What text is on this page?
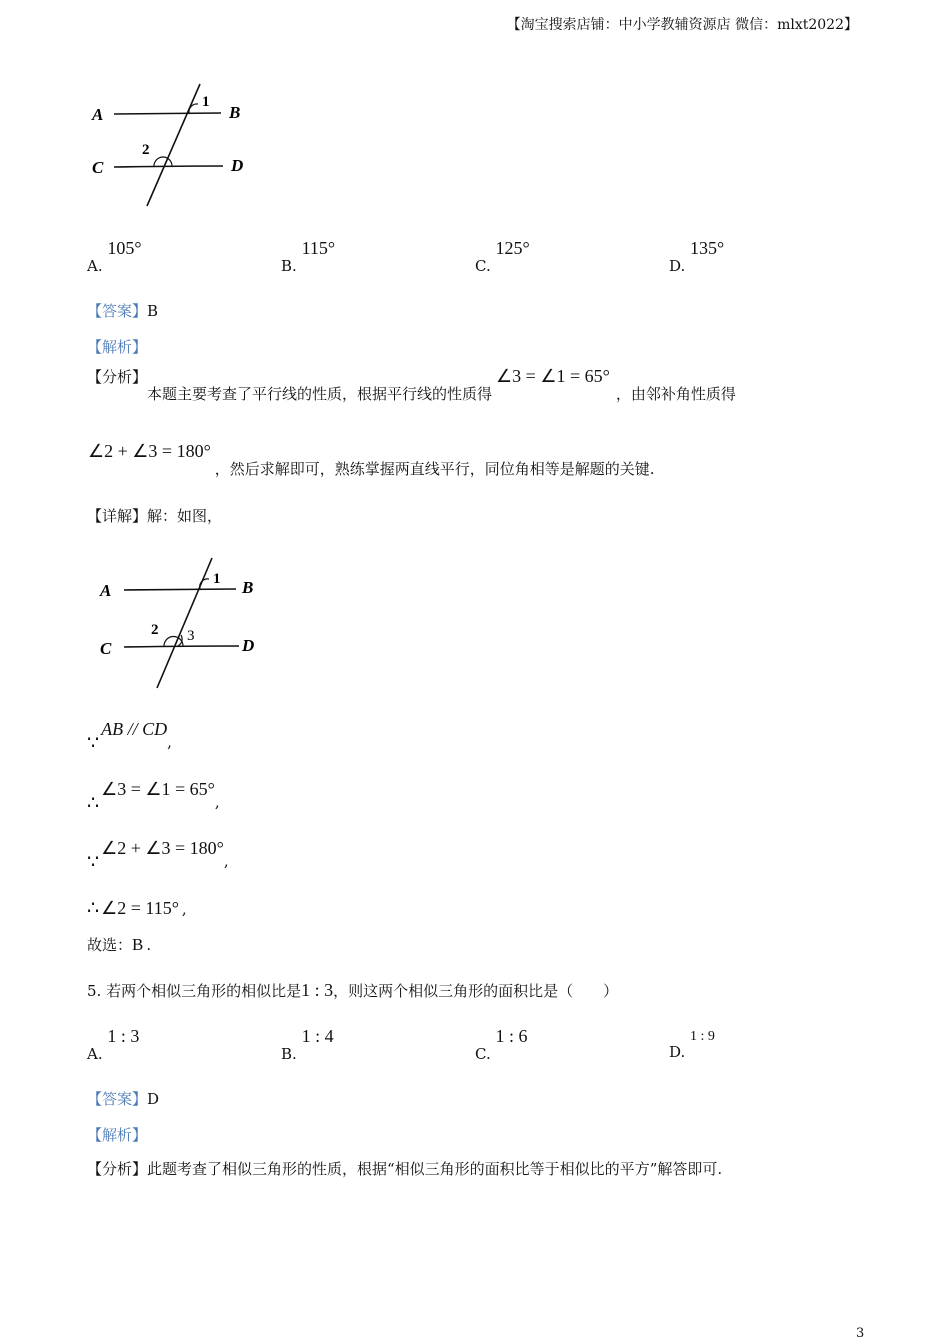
【淘宝搜索店铺：中小学教辅资源店 微信：mlxt2022】
A	B
C	D
1
2
A. 105°
B. 115°
C. 125°
D. 135°
【答案】B
【解析】
【分析】本题主要考查了平行线的性质，根据平行线的性质得∠3 = ∠1 = 65°，由邻补角性质得
∠2 + ∠3 = 180°，然后求解即可，熟练掌握两直线平行，同位角相等是解题的关键.
【详解】解：如图，
A	B
C	D
1
2 3
∵AB // CD,
∴∠3 = ∠1 = 65°,
∵∠2 + ∠3 = 180°,
∴ ∠2 = 115° ,
故选：B .
5. 若两个相似三角形的相似比是1 : 3，则这两个相似三角形的面积比是（　　）
A. 1 : 3
B. 1 : 4
C. 1 : 6
D. 1 : 9
【答案】D
【解析】
【分析】此题考查了相似三角形的性质，根据“相似三角形的面积比等于相似比的平方”解答即可.
3
